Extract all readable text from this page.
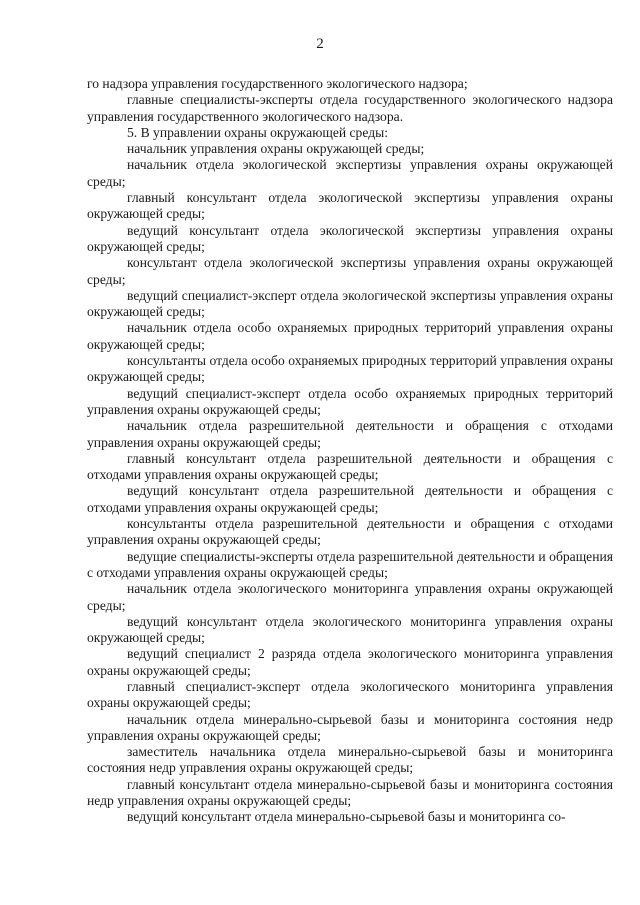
2

го надзора управления государственного экологического надзора;

главные специалисты-эксперты отдела государственного экологического надзора управления государственного экологического надзора.

5. В управлении охраны окружающей среды:

начальник управления охраны окружающей среды;

начальник отдела экологической экспертизы управления охраны окружающей среды;

главный консультант отдела экологической экспертизы управления охраны окружающей среды;

ведущий консультант отдела экологической экспертизы управления охраны окружающей среды;

консультант отдела экологической экспертизы управления охраны окружающей среды;

ведущий специалист-эксперт отдела экологической экспертизы управления охраны окружающей среды;

начальник отдела особо охраняемых природных территорий управления охраны окружающей среды;

консультанты отдела особо охраняемых природных территорий управления охраны окружающей среды;

ведущий специалист-эксперт отдела особо охраняемых природных территорий управления охраны окружающей среды;

начальник отдела разрешительной деятельности и обращения с отходами управления охраны окружающей среды;

главный консультант отдела разрешительной деятельности и обращения с отходами управления охраны окружающей среды;

ведущий консультант отдела разрешительной деятельности и обращения с отходами управления охраны окружающей среды;

консультанты отдела разрешительной деятельности и обращения с отходами управления охраны окружающей среды;

ведущие специалисты-эксперты отдела разрешительной деятельности и обращения с отходами управления охраны окружающей среды;

начальник отдела экологического мониторинга управления охраны окружающей среды;

ведущий консультант отдела экологического мониторинга управления охраны окружающей среды;

ведущий специалист 2 разряда отдела экологического мониторинга управления охраны окружающей среды;

главный специалист-эксперт отдела экологического мониторинга управления охраны окружающей среды;

начальник отдела минерально-сырьевой базы и мониторинга состояния недр управления охраны окружающей среды;

заместитель начальника отдела минерально-сырьевой базы и мониторинга состояния недр управления охраны окружающей среды;

главный консультант отдела минерально-сырьевой базы и мониторинга состояния недр управления охраны окружающей среды;

ведущий консультант отдела минерально-сырьевой базы и мониторинга со-
